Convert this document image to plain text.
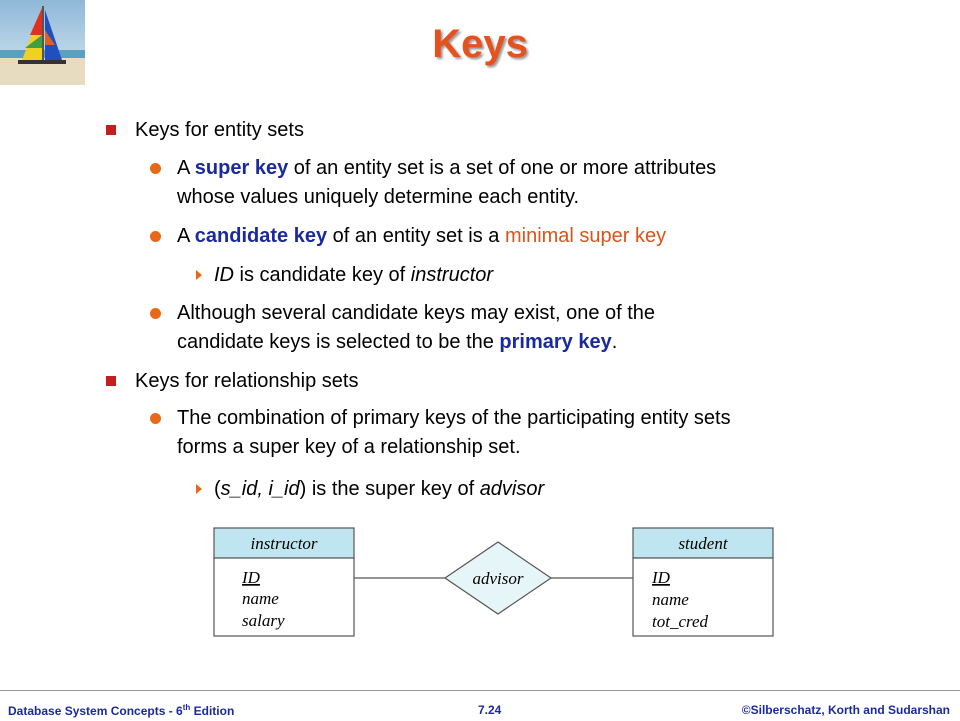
Keys
Keys for entity sets
A super key of an entity set is a set of one or more attributes
whose values uniquely determine each entity.
A candidate key of an entity set is a minimal super key
ID is candidate key of instructor
Although several candidate keys may exist, one of the
candidate keys is selected to be the primary key.
Keys for relationship sets
The combination of primary keys of the participating entity sets
forms a super key of a relationship set.
(s_id, i_id) is the super key of advisor
instructor
ID
name
salary
advisor
student
ID
name
tot_cred
Database System Concepts - 6th Edition	7.24	©Silberschatz, Korth and Sudarshan
